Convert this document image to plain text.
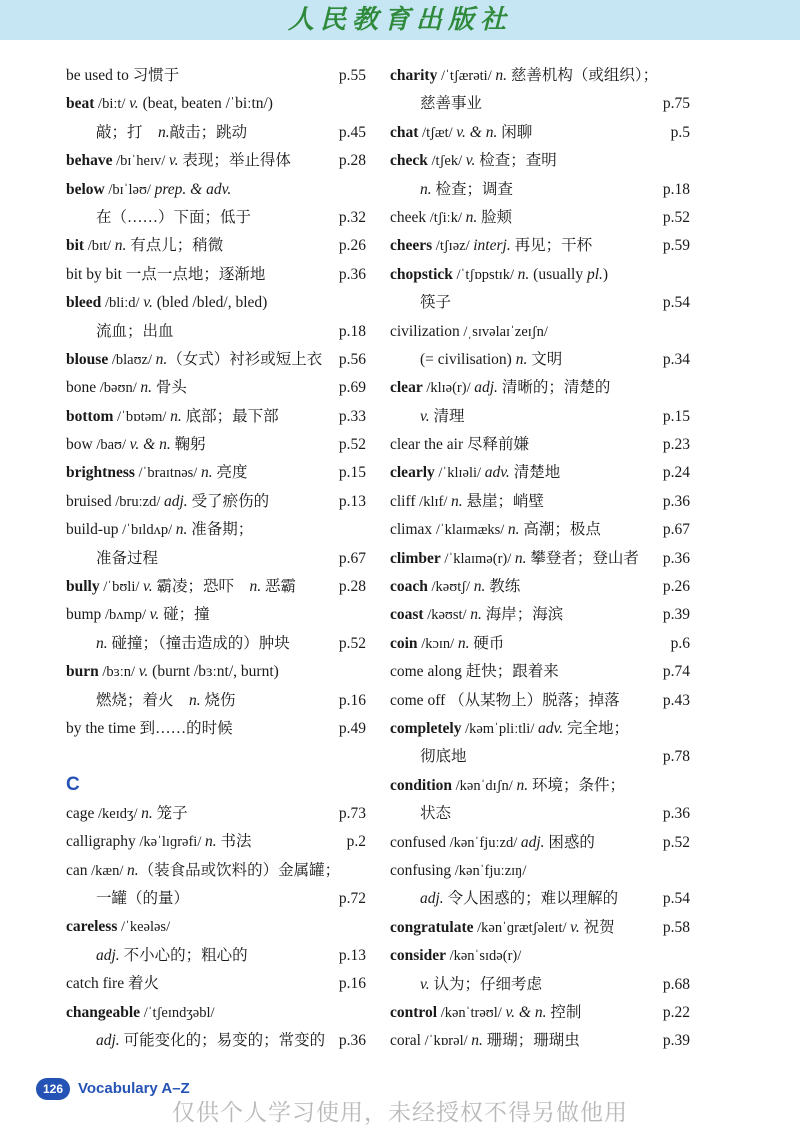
人民教育出版社
be used to 习惯于	p.55
beat /biːt/ v. (beat, beaten /ˈbiːtn/)
敲；打　n.敲击；跳动	p.45
behave /bɪˈheɪv/ v. 表现；举止得体	p.28
below /bɪˈləʊ/ prep. & adv.
在（……）下面；低于	p.32
bit /bɪt/ n. 有点儿；稍微	p.26
bit by bit 一点一点地；逐渐地	p.36
bleed /bliːd/ v. (bled /bled/, bled)
流血；出血	p.18
blouse /blaʊz/ n.（女式）衬衫或短上衣 p.56
bone /bəʊn/ n. 骨头	p.69
bottom /ˈbɒtəm/ n. 底部；最下部	p.33
bow /baʊ/ v. & n. 鞠躬	p.52
brightness /ˈbraɪtnəs/ n. 亮度	p.15
bruised /bruːzd/ adj. 受了瘀伤的	p.13
build-up /ˈbɪldʌp/ n. 准备期；
准备过程	p.67
bully /ˈbʊli/ v. 霸凌；恐吓　n. 恶霸	p.28
bump /bʌmp/ v. 碰；撞
n. 碰撞；（撞击造成的）肿块	p.52
burn /bɜːn/ v. (burnt /bɜːnt/, burnt)
燃烧；着火　n. 烧伤	p.16
by the time 到……的时候	p.49
C
cage /keɪdʒ/ n. 笼子	p.73
calligraphy /kəˈlɪɡrəfi/ n. 书法	p.2
can /kæn/ n.（装食品或饮料的）金属罐；
一罐（的量）	p.72
careless /ˈkeələs/
adj. 不小心的；粗心的	p.13
catch fire 着火	p.16
changeable /ˈtʃeɪndʒəbl/
adj. 可能变化的；易变的；常变的 p.36
charity /ˈtʃærəti/ n. 慈善机构（或组织）；
慈善事业	p.75
chat /tʃæt/ v. & n. 闲聊	p.5
check /tʃek/ v. 检查；查明
n. 检查；调查	p.18
cheek /tʃiːk/ n. 脸颊	p.52
cheers /tʃɪəz/ interj. 再见；干杯	p.59
chopstick /ˈtʃɒpstɪk/ n. (usually pl.)
筷子	p.54
civilization /ˌsɪvəlaɪˈzeɪʃn/
(= civilisation) n. 文明	p.34
clear /klɪə(r)/ adj. 清晰的；清楚的
v. 清理	p.15
clear the air 尽释前嫌	p.23
clearly /ˈklɪəli/ adv. 清楚地	p.24
cliff /klɪf/ n. 悬崖；峭壁	p.36
climax /ˈklaɪmæks/ n. 高潮；极点	p.67
climber /ˈklaɪmə(r)/ n. 攀登者；登山者 p.36
coach /kəʊtʃ/ n. 教练	p.26
coast /kəʊst/ n. 海岸；海滨	p.39
coin /kɔɪn/ n. 硬币	p.6
come along 赶快；跟着来	p.74
come off （从某物上）脱落；掉落	p.43
completely /kəmˈpliːtli/ adv. 完全地；
彻底地	p.78
condition /kənˈdɪʃn/ n. 环境；条件；
状态	p.36
confused /kənˈfjuːzd/ adj. 困惑的	p.52
confusing /kənˈfjuːzɪŋ/
adj. 令人困惑的；难以理解的	p.54
congratulate /kənˈɡrætʃəleɪt/ v. 祝贺	p.58
consider /kənˈsɪdə(r)/
v. 认为；仔细考虑	p.68
control /kənˈtrəʊl/ v. & n. 控制	p.22
coral /ˈkɒrəl/ n. 珊瑚；珊瑚虫	p.39
126 Vocabulary A–Z
仅供个人学习使用，未经授权不得另做他用
